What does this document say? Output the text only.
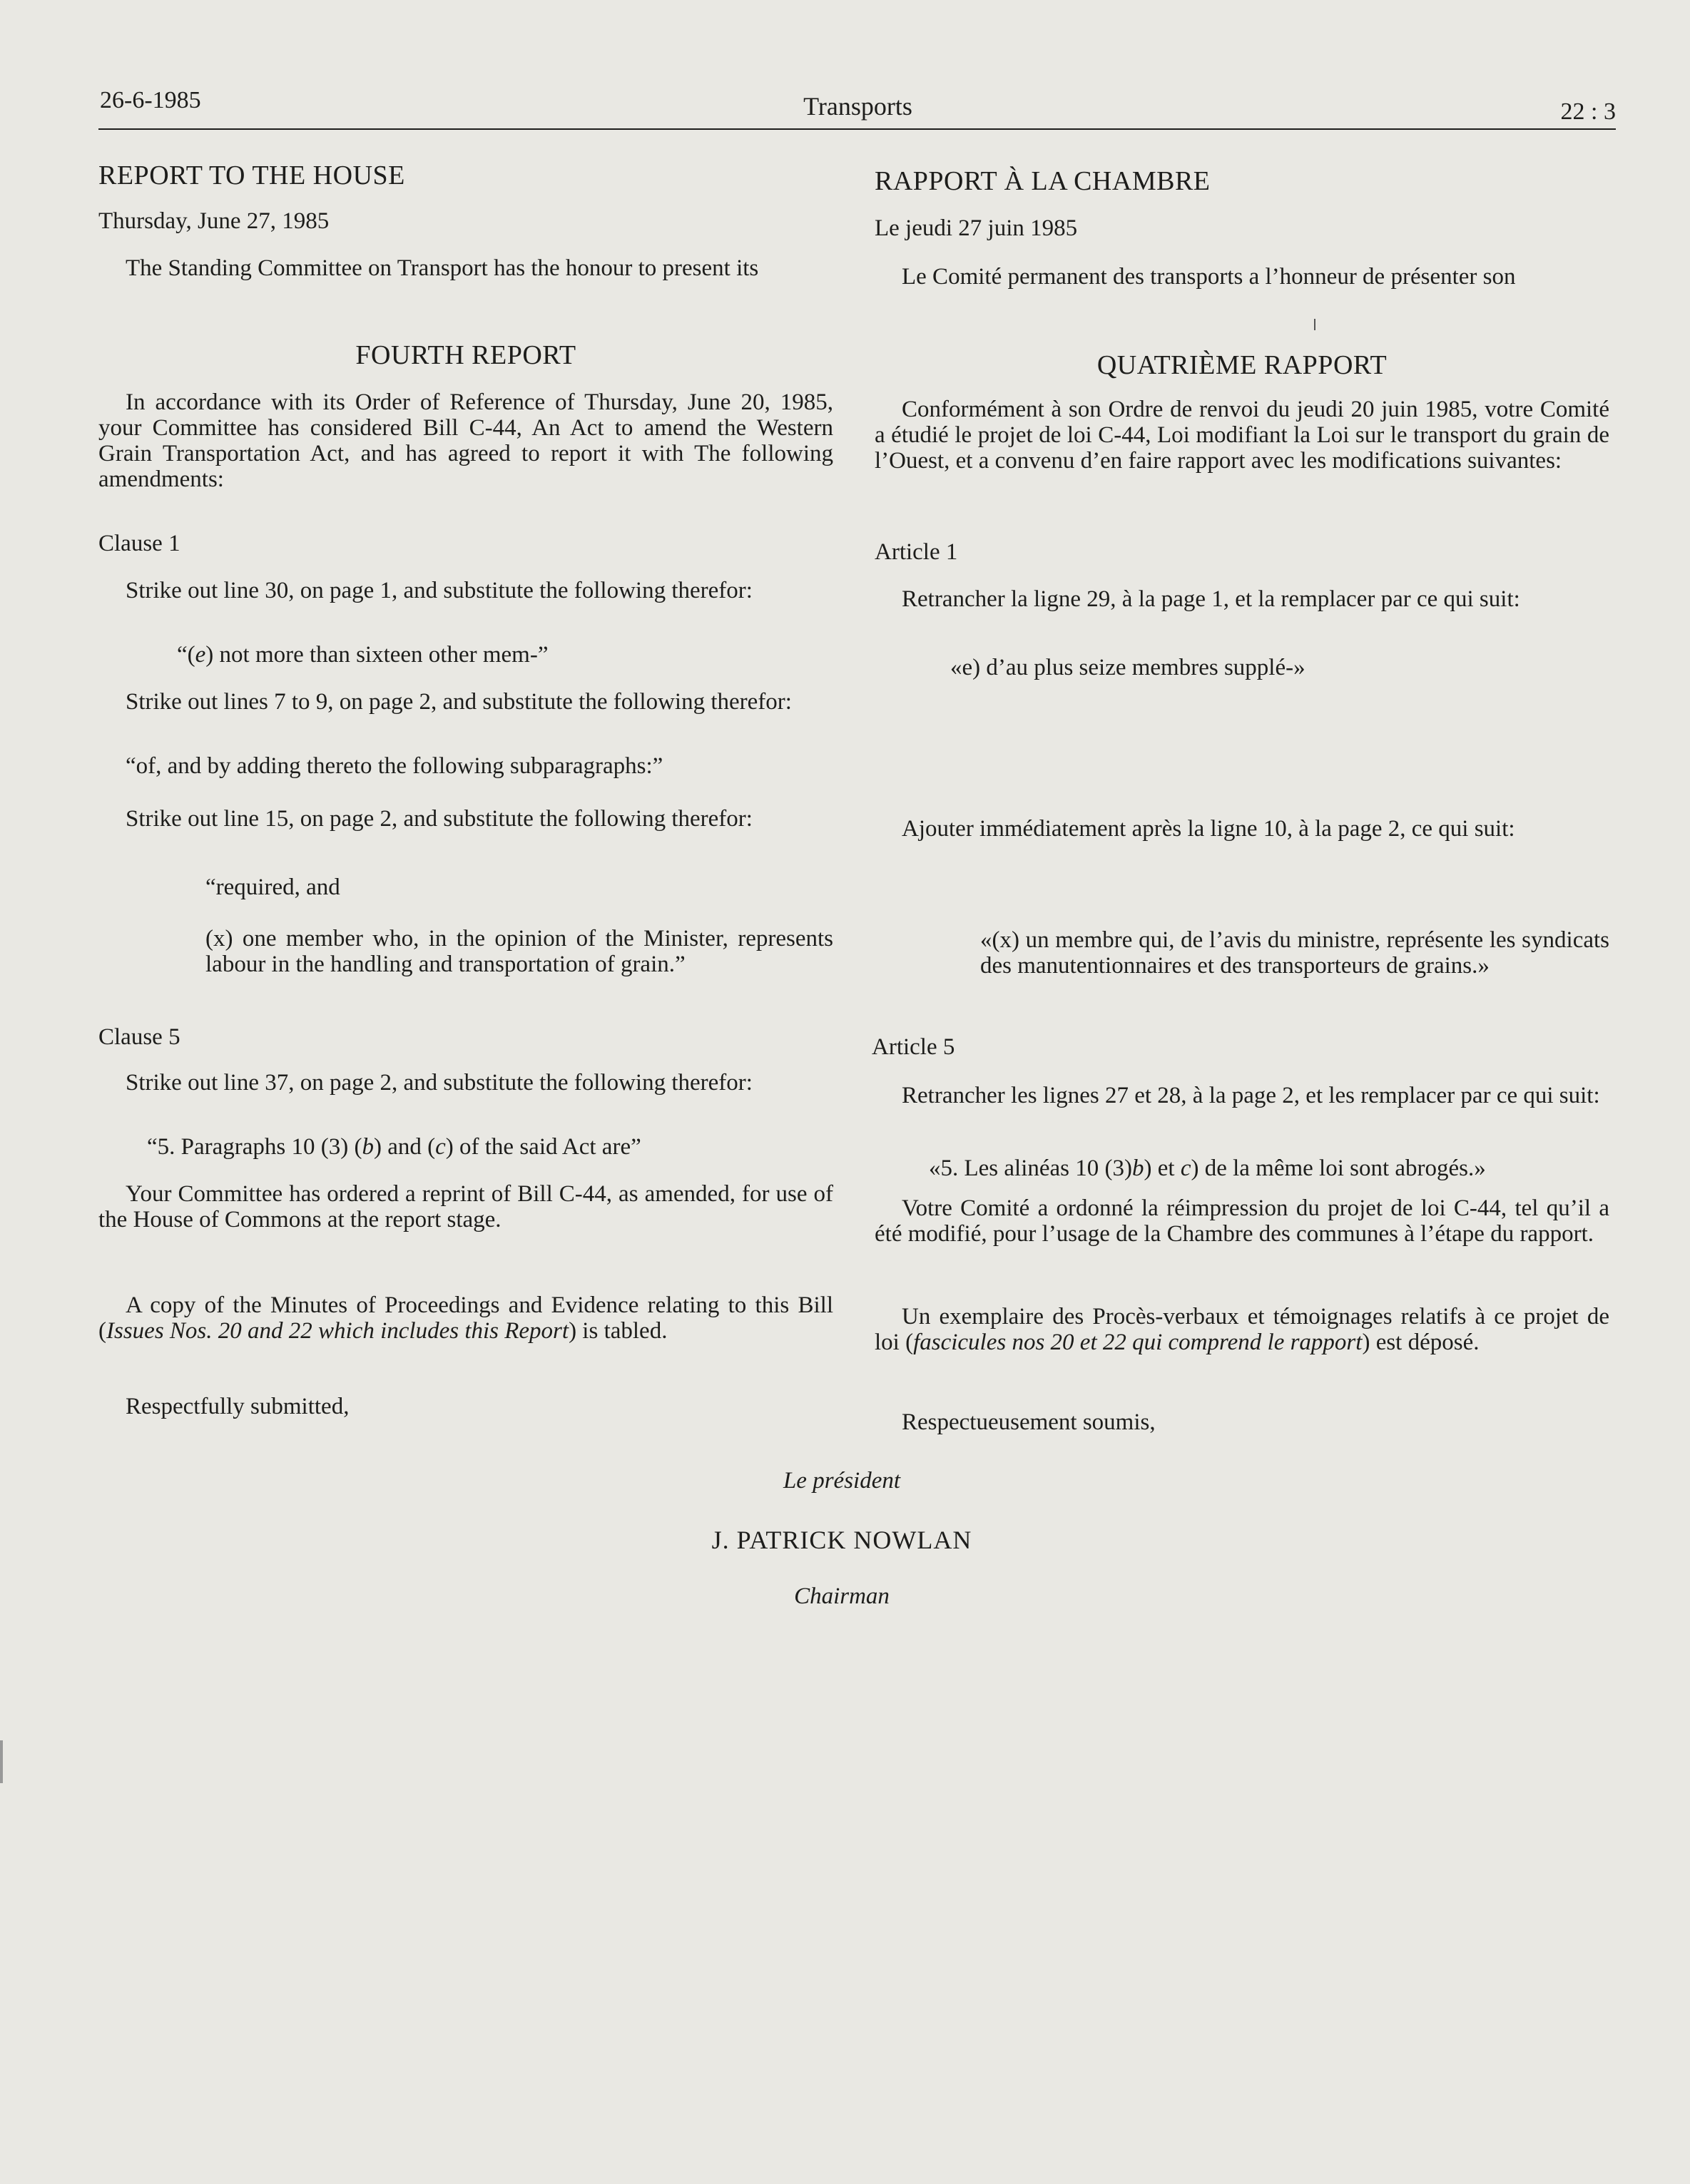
26-6-1985	Transports	22 : 3

REPORT TO THE HOUSE

Thursday, June 27, 1985

The Standing Committee on Transport has the honour to present its

FOURTH REPORT

In accordance with its Order of Reference of Thursday, June 20, 1985, your Committee has considered Bill C-44, An Act to amend the Western Grain Transportation Act, and has agreed to report it with The following amendments:

Clause 1

Strike out line 30, on page 1, and substitute the following therefor:

“(e) not more than sixteen other mem-”

Strike out lines 7 to 9, on page 2, and substitute the following therefor:

“of, and by adding thereto the following subparagraphs:”

Strike out line 15, on page 2, and substitute the following therefor:

“required, and

(x) one member who, in the opinion of the Minister, represents labour in the handling and transportation of grain.”

Clause 5

Strike out line 37, on page 2, and substitute the following therefor:

“5. Paragraphs 10 (3) (b) and (c) of the said Act are”

Your Committee has ordered a reprint of Bill C-44, as amended, for use of the House of Commons at the report stage.

A copy of the Minutes of Proceedings and Evidence relating to this Bill (Issues Nos. 20 and 22 which includes this Report) is tabled.

Respectfully submitted,

RAPPORT À LA CHAMBRE

Le jeudi 27 juin 1985

Le Comité permanent des transports a l’honneur de présenter son

QUATRIÈME RAPPORT

Conformément à son Ordre de renvoi du jeudi 20 juin 1985, votre Comité a étudié le projet de loi C-44, Loi modifiant la Loi sur le transport du grain de l’Ouest, et a convenu d’en faire rapport avec les modifications suivantes:

Article 1

Retrancher la ligne 29, à la page 1, et la remplacer par ce qui suit:

«e) d’au plus seize membres supplé-»

Ajouter immédiatement après la ligne 10, à la page 2, ce qui suit:

«(x) un membre qui, de l’avis du ministre, représente les syndicats des manutentionnaires et des transporteurs de grains.»

Article 5

Retrancher les lignes 27 et 28, à la page 2, et les remplacer par ce qui suit:

«5. Les alinéas 10 (3)b) et c) de la même loi sont abrogés.»

Votre Comité a ordonné la réimpression du projet de loi C-44, tel qu’il a été modifié, pour l’usage de la Chambre des communes à l’étape du rapport.

Un exemplaire des Procès-verbaux et témoignages relatifs à ce projet de loi (fascicules nos 20 et 22 qui comprend le rapport) est déposé.

Respectueusement soumis,

Le président
J. PATRICK NOWLAN
Chairman
